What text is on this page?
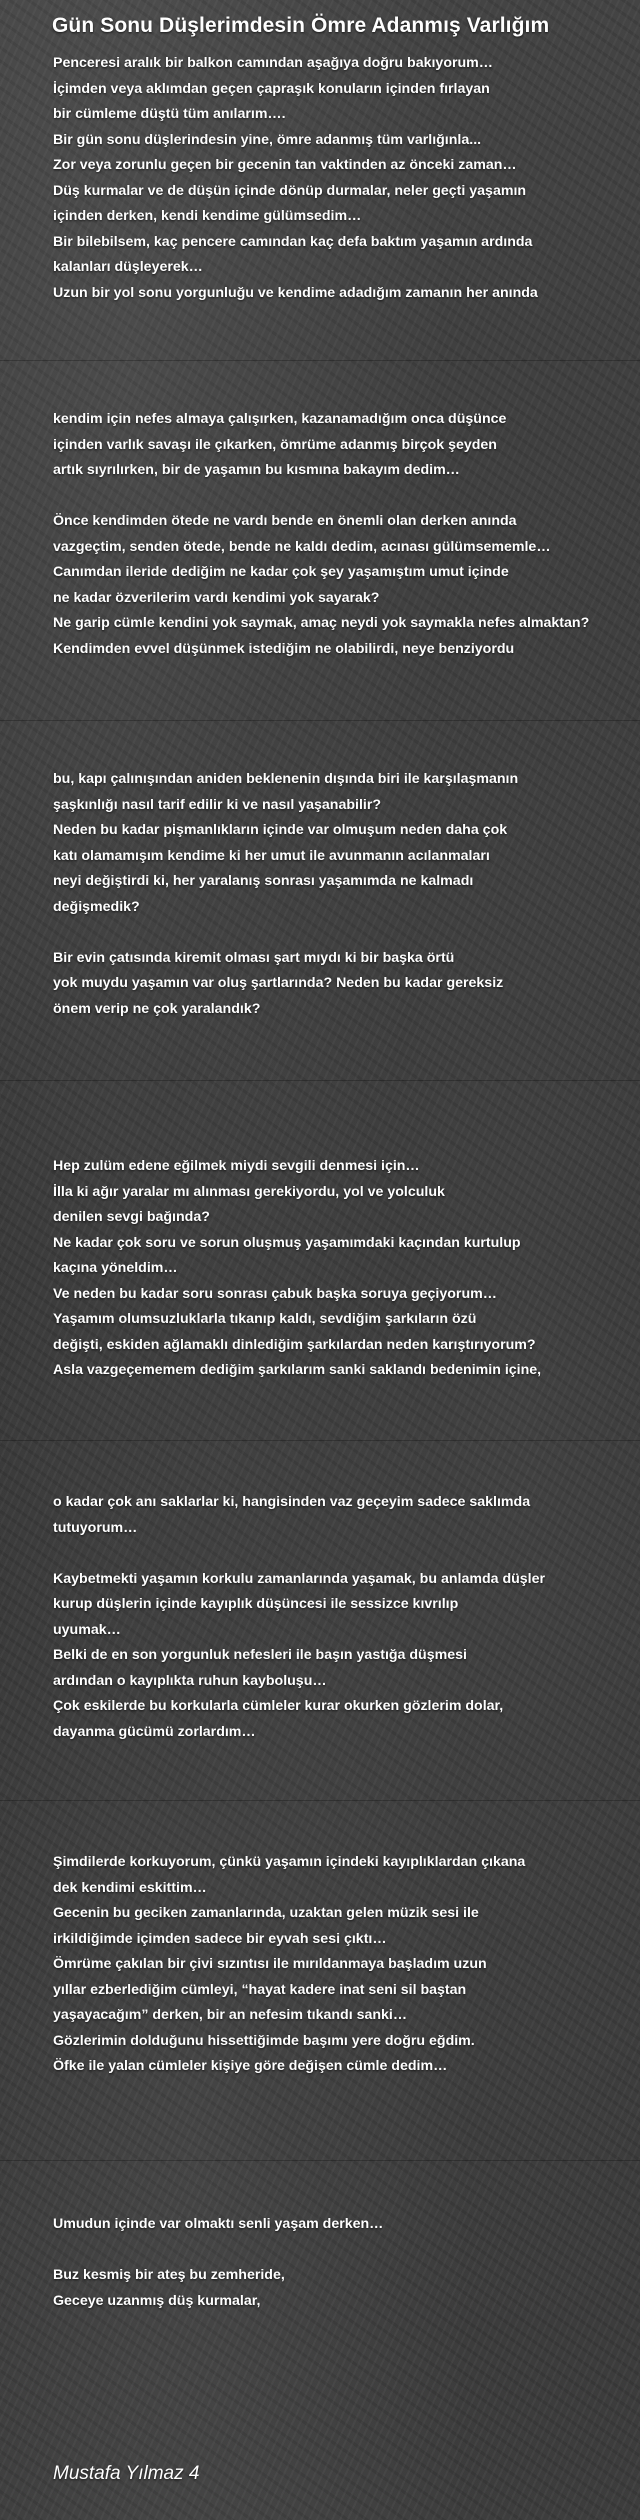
Gün Sonu Düşlerimdesin Ömre Adanmış Varlığım
Penceresi aralık bir balkon camından aşağıya doğru bakıyorum…
İçimden veya aklımdan geçen çapraşık konuların içinden fırlayan
bir cümleme düştü tüm anılarım….
Bir gün sonu düşlerindesin yine, ömre adanmış tüm varlığınla...
Zor veya zorunlu geçen bir gecenin tan vaktinden az önceki zaman…
Düş kurmalar ve de düşün içinde dönüp durmalar, neler geçti yaşamın
içinden derken, kendi kendime gülümsedim…
Bir bilebilsem, kaç pencere camından kaç defa baktım yaşamın ardında
kalanları düşleyerek…
Uzun bir yol sonu yorgunluğu ve kendime adadığım zamanın her anında
kendim için nefes almaya çalışırken, kazanamadığım onca düşünce
içinden varlık savaşı ile çıkarken, ömrüme adanmış birçok şeyden
artık sıyrılırken, bir de yaşamın bu kısmına bakayım dedim…
Önce kendimden ötede ne vardı bende en önemli olan derken anında
vazgeçtim, senden ötede, bende ne kaldı dedim, acınası gülümsememle…
Canımdan ileride dediğim ne kadar çok şey yaşamıştım umut içinde
ne kadar özverilerim vardı kendimi yok sayarak?
Ne garip cümle kendini yok saymak, amaç neydi yok saymakla nefes almaktan?
Kendimden evvel düşünmek istediğim ne olabilirdi, neye benziyordu
bu, kapı çalınışından aniden beklenenin dışında biri ile karşılaşmanın
şaşkınlığı nasıl tarif edilir ki ve nasıl yaşanabilir?
Neden bu kadar pişmanlıkların içinde var olmuşum neden daha çok
katı olamamışım kendime ki her umut ile avunmanın acılanmaları
neyi değiştirdi ki, her yaralanış sonrası yaşamımda ne kalmadı
değişmedik?
Bir evin çatısında kiremit olması şart mıydı ki bir başka örtü
yok muydu yaşamın var oluş şartlarında? Neden bu kadar gereksiz
önem verip ne çok yaralandık?
Hep zulüm edene eğilmek miydi sevgili denmesi için…
İlla ki ağır yaralar mı alınması gerekiyordu, yol ve yolculuk
denilen sevgi bağında?
Ne kadar çok soru ve sorun oluşmuş yaşamımdaki kaçından kurtulup
kaçına yöneldim…
Ve neden bu kadar soru sonrası çabuk başka soruya geçiyorum…
Yaşamım olumsuzluklarla tıkanıp kaldı, sevdiğim şarkıların özü
değişti, eskiden ağlamaklı dinlediğim şarkılardan neden karıştırıyorum?
Asla vazgeçememem dediğim şarkılarım sanki saklandı bedenimin içine,
o kadar çok anı saklarlar ki, hangisinden vaz geçeyim sadece saklımda
tutuyorum…
Kaybetmekti yaşamın korkulu zamanlarında yaşamak, bu anlamda düşler
kurup düşlerin içinde kayıplık düşüncesi ile sessizce kıvrılıp
uyumak…
Belki de en son yorgunluk nefesleri ile başın yastığa düşmesi
ardından o kayıplıkta ruhun kayboluşu…
Çok eskilerde bu korkularla cümleler kurar okurken gözlerim dolar,
dayanma gücümü zorlardım…
Şimdilerde korkuyorum, çünkü yaşamın içindeki kayıplıklardan çıkana
dek kendimi eskittim…
Gecenin bu geciken zamanlarında, uzaktan gelen müzik sesi ile
irkildiğimde içimden sadece bir eyvah sesi çıktı…
Ömrüme çakılan bir çivi sızıntısı ile mırıldanmaya başladım uzun
yıllar ezberlediğim cümleyi, “hayat kadere inat seni sil baştan
yaşayacağım” derken, bir an nefesim tıkandı sanki…
Gözlerimin dolduğunu hissettiğimde başımı yere doğru eğdim.
Öfke ile yalan cümleler kişiye göre değişen cümle dedim…
Umudun içinde var olmaktı senli yaşam derken…
Buz kesmiş bir ateş bu zemheride,
Geceye uzanmış düş kurmalar,
Mustafa Yılmaz 4
